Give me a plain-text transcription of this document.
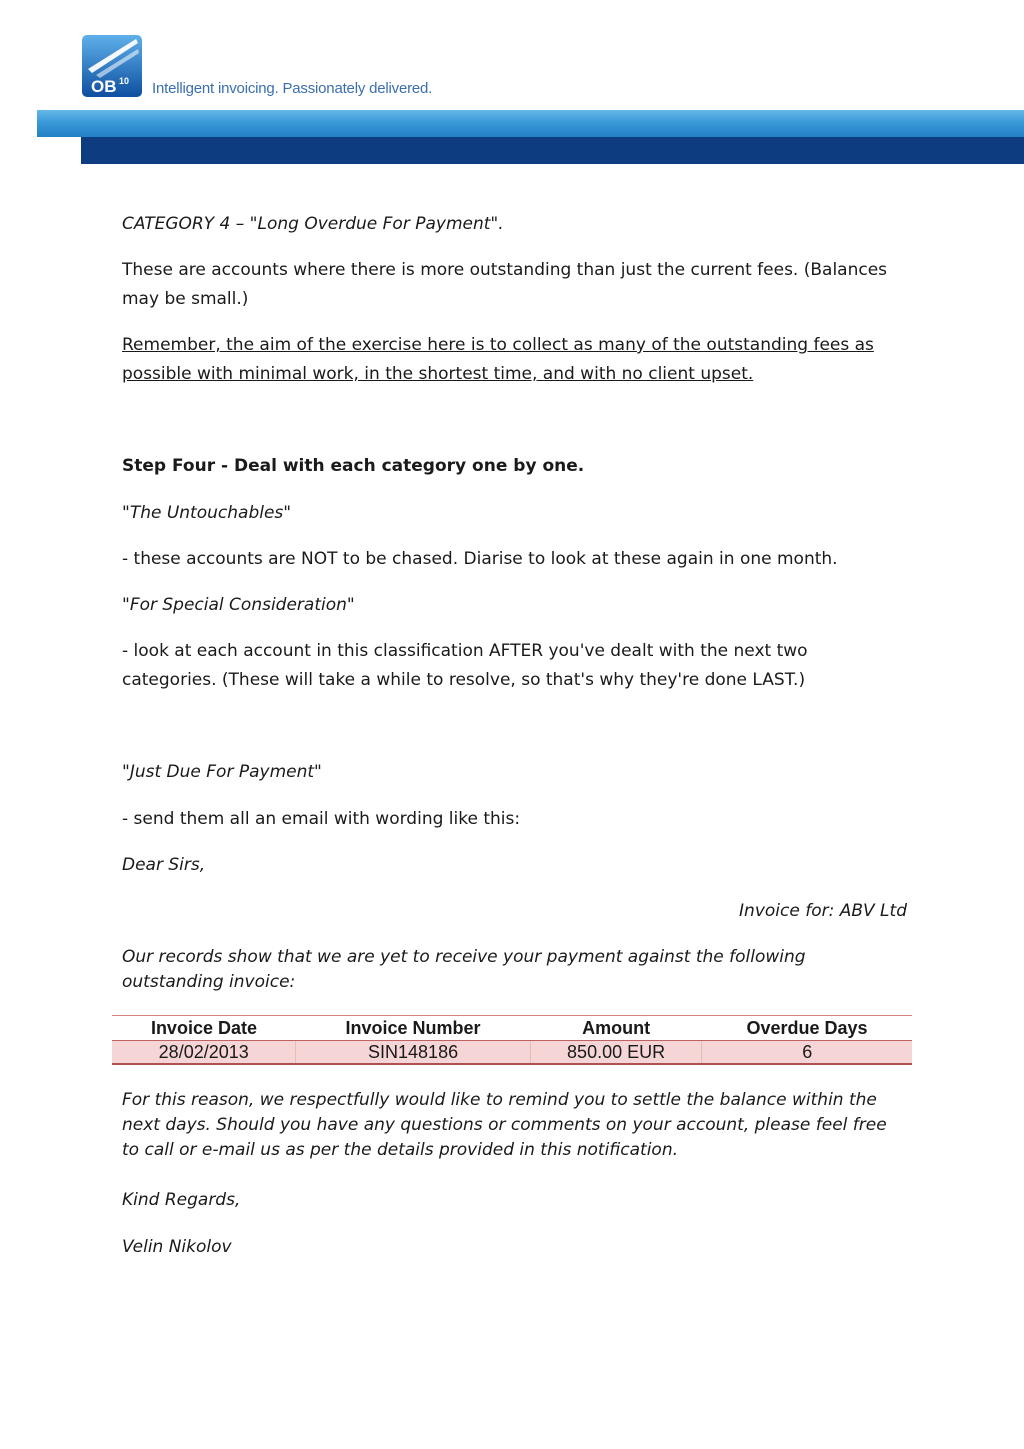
OB 10 Intelligent invoicing. Passionately delivered.

CATEGORY 4 – "Long Overdue For Payment".

These are accounts where there is more outstanding than just the current fees. (Balances may be small.)

Remember, the aim of the exercise here is to collect as many of the outstanding fees as possible with minimal work, in the shortest time, and with no client upset.

Step Four - Deal with each category one by one.

"The Untouchables"

- these accounts are NOT to be chased. Diarise to look at these again in one month.

"For Special Consideration"

- look at each account in this classification AFTER you've dealt with the next two categories. (These will take a while to resolve, so that's why they're done LAST.)

"Just Due For Payment"

- send them all an email with wording like this:

Dear Sirs,

Invoice for: ABV Ltd

Our records show that we are yet to receive your payment against the following outstanding invoice:

For this reason, we respectfully would like to remind you to settle the balance within the next days. Should you have any questions or comments on your account, please feel free to call or e-mail us as per the details provided in this notification.

Kind Regards,

Velin Nikolov

Invoice Date	Invoice Number	Amount	Overdue Days
28/02/2013	SIN148186	850.00 EUR	6
